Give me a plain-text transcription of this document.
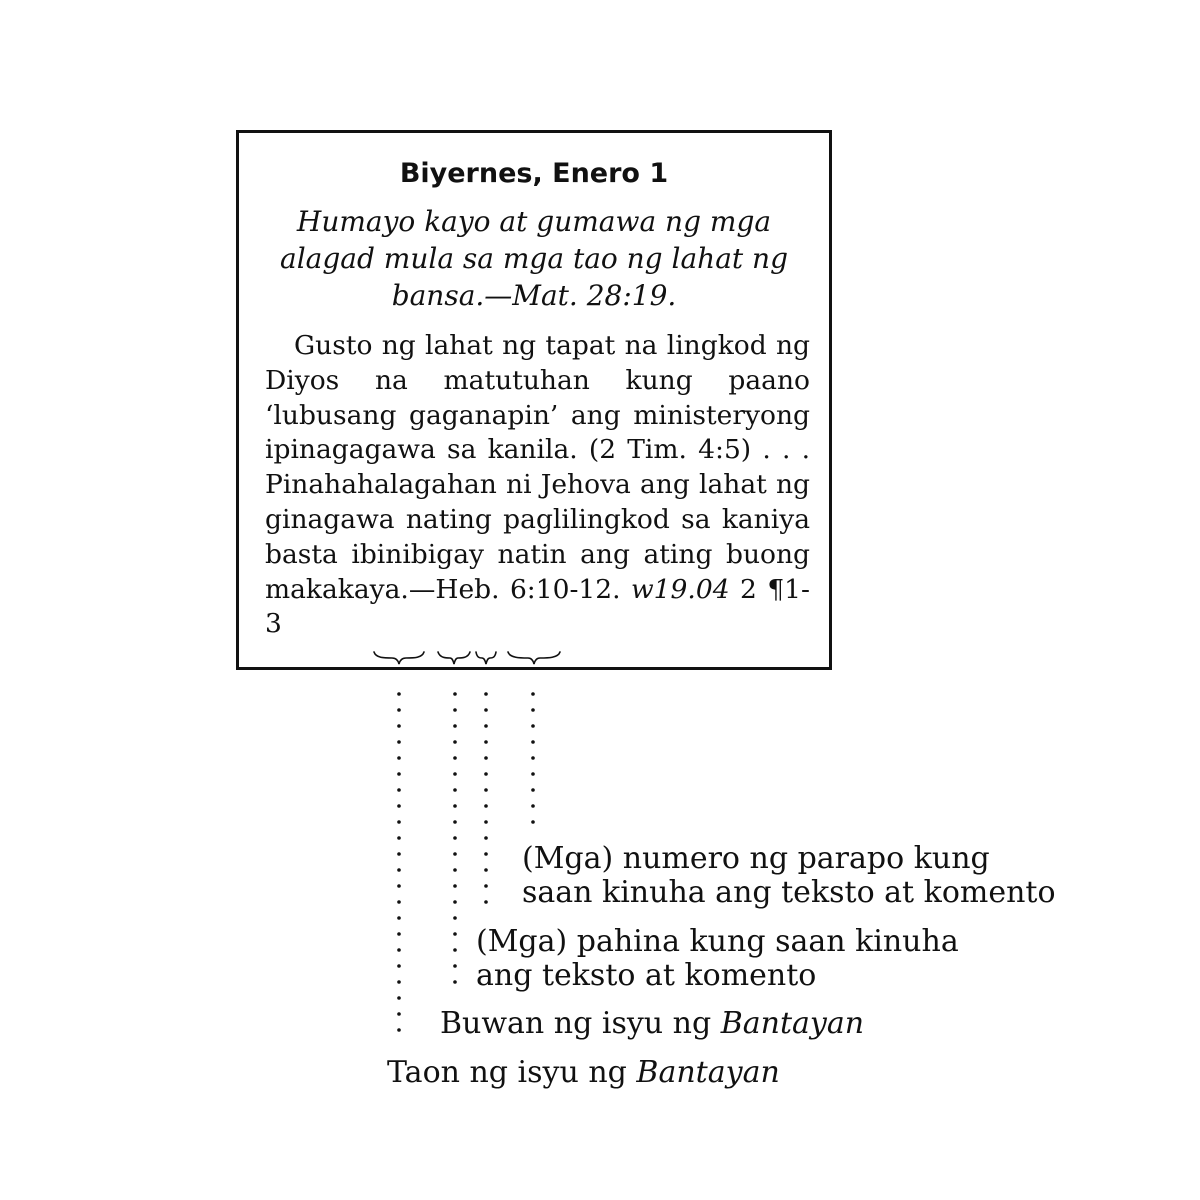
Biyernes, Enero 1
Humayo kayo at gumawa ng mga alagad mula sa mga tao ng lahat ng bansa.—Mat. 28:19.
Gusto ng lahat ng tapat na lingkod ng Diyos na matutuhan kung paano ‘lubusang gaganapin’ ang ministeryong ipinagagawa sa kanila. (2 Tim. 4:5) . . . Pinahahalagahan ni Jehova ang lahat ng ginagawa nating paglilingkod sa kaniya basta ibinibigay natin ang ating buong makakaya.—Heb. 6:10-12. w19.04 2 ¶1-3
(Mga) numero ng parapo kung
saan kinuha ang teksto at komento
(Mga) pahina kung saan kinuha
ang teksto at komento
Buwan ng isyu ng Bantayan
Taon ng isyu ng Bantayan
